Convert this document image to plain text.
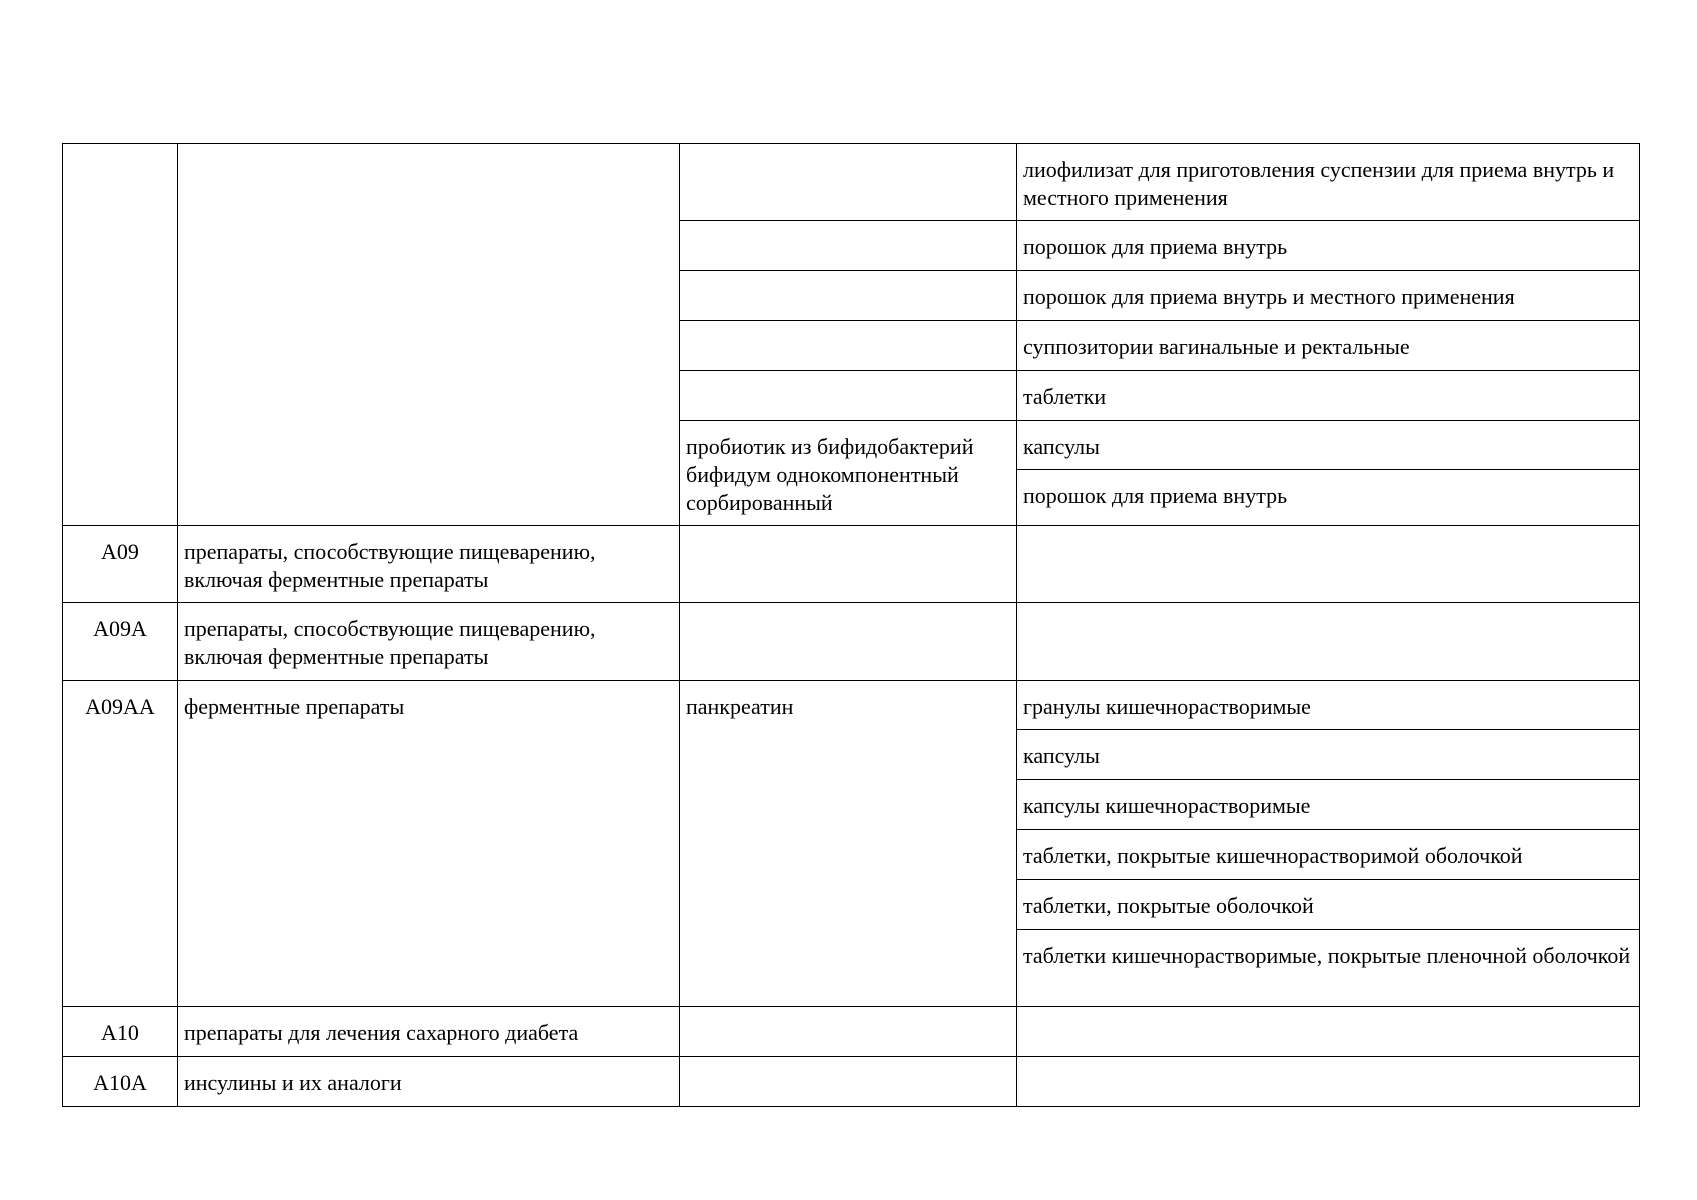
			лиофилизат для приготовления суспензии для приема внутрь и местного применения
			порошок для приема внутрь
			порошок для приема внутрь и местного применения
			суппозитории вагинальные и ректальные
			таблетки
		пробиотик из бифидобактерий бифидум однокомпонентный сорбированный	капсулы
			порошок для приема внутрь
A09	препараты, способствующие пищеварению, включая ферментные препараты		
A09A	препараты, способствующие пищеварению, включая ферментные препараты		
A09AA	ферментные препараты	панкреатин	гранулы кишечнорастворимые
			капсулы
			капсулы кишечнорастворимые
			таблетки, покрытые кишечнорастворимой оболочкой
			таблетки, покрытые оболочкой
			таблетки кишечнорастворимые, покрытые пленочной оболочкой
A10	препараты для лечения сахарного диабета		
A10A	инсулины и их аналоги		
